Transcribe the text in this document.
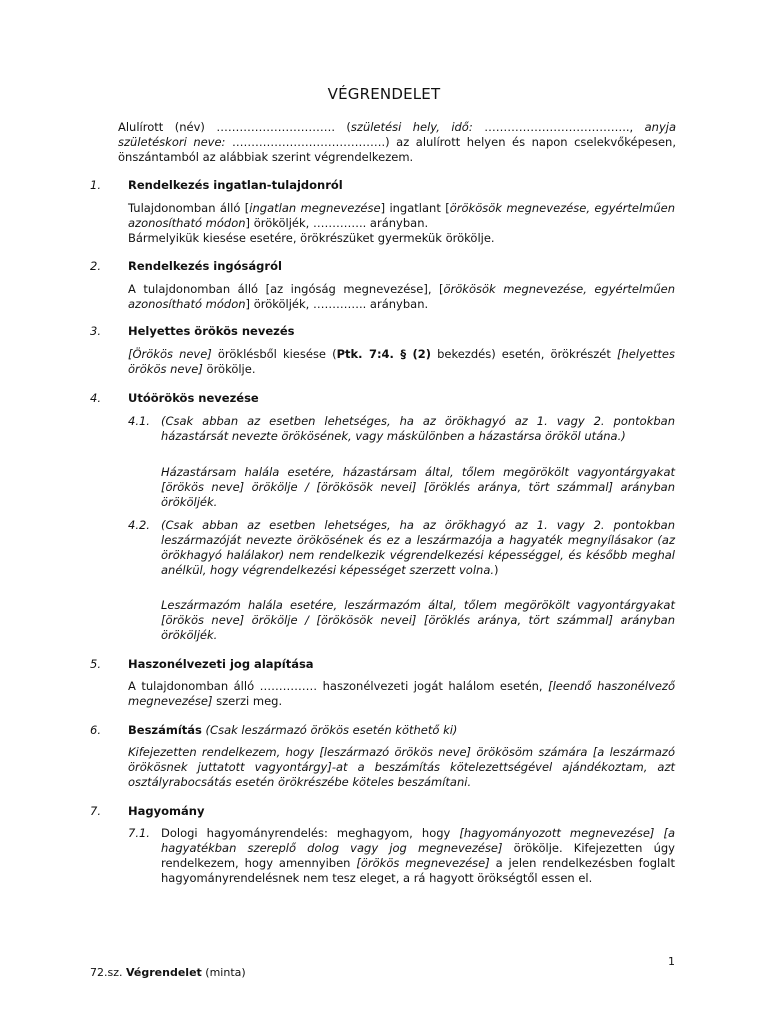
VÉGRENDELET
Alulírott (név) …………………………. (születési hely, idő: ……………………………….., anyja születéskori neve: ………………………………….) az alulírott helyen és napon cselekvőképesen, önszántamból az alábbiak szerint végrendelkezem.
1. Rendelkezés ingatlan-tulajdonról
Tulajdonomban álló [ingatlan megnevezése] ingatlant [örökösök megnevezése, egyértelműen azonosítható módon] örököljék, ………….. arányban.
Bármelyikük kiesése esetére, örökrészüket gyermekük örökölje.
2. Rendelkezés ingóságról
A tulajdonomban álló [az ingóság megnevezése], [örökösök megnevezése, egyértelműen azonosítható módon] örököljék, ………….. arányban.
3. Helyettes örökös nevezés
[Örökös neve] öröklésből kiesése (Ptk. 7:4. § (2) bekezdés) esetén, örökrészét [helyettes örökös neve] örökölje.
4. Utóörökös nevezése
4.1. (Csak abban az esetben lehetséges, ha az örökhagyó az 1. vagy 2. pontokban házastársát nevezte örökösének, vagy máskülönben a házastársa örököl utána.)
Házastársam halála esetére, házastársam által, tőlem megörökölt vagyontárgyakat [örökös neve] örökölje / [örökösök nevei] [öröklés aránya, tört számmal] arányban örököljék.
4.2. (Csak abban az esetben lehetséges, ha az örökhagyó az 1. vagy 2. pontokban leszármazóját nevezte örökösének és ez a leszármazója a hagyaték megnyílásakor (az örökhagyó halálakor) nem rendelkezik végrendelkezési képességgel, és később meghal anélkül, hogy végrendelkezési képességet szerzett volna.)
Leszármazóm halála esetére, leszármazóm által, tőlem megörökölt vagyontárgyakat [örökös neve] örökölje / [örökösök nevei] [öröklés aránya, tört számmal] arányban örököljék.
5. Haszonélvezeti jog alapítása
A tulajdonomban álló …………… haszonélvezeti jogát halálom esetén, [leendő haszonélvező megnevezése] szerzi meg.
6. Beszámítás (Csak leszármazó örökös esetén köthető ki)
Kifejezetten rendelkezem, hogy [leszármazó örökös neve] örökösöm számára [a leszármazó örökösnek juttatott vagyontárgy]-at a beszámítás kötelezettségével ajándékoztam, azt osztályrabocsátás esetén örökrészébe köteles beszámítani.
7. Hagyomány
7.1. Dologi hagyományrendelés: meghagyom, hogy [hagyományozott megnevezése] [a hagyatékban szereplő dolog vagy jog megnevezése] örökölje. Kifejezetten úgy rendelkezem, hogy amennyiben [örökös megnevezése] a jelen rendelkezésben foglalt hagyományrendelésnek nem tesz eleget, a rá hagyott örökségtől essen el.
1
72.sz. Végrendelet (minta)
